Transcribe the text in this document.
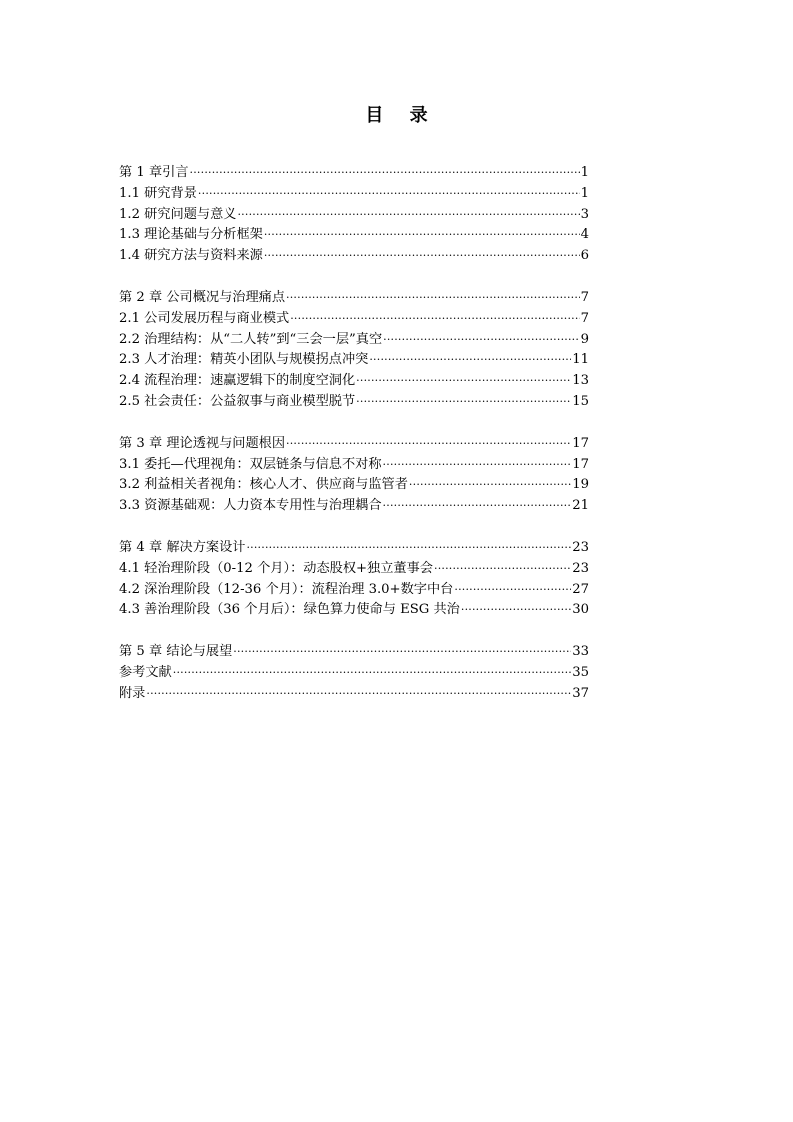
目 录
第 1 章引言 ·····	1
1.1 研究背景 ·····	1
1.2 研究问题与意义 ·····	3
1.3 理论基础与分析框架 ·····	4
1.4 研究方法与资料来源 ·····	6
第 2 章 公司概况与治理痛点 ·····	7
2.1 公司发展历程与商业模式 ·····	7
2.2 治理结构：从“二人转”到“三会一层”真空 ·····	9
2.3 人才治理：精英小团队与规模拐点冲突 ·····	11
2.4 流程治理：速赢逻辑下的制度空洞化 ·····	13
2.5 社会责任：公益叙事与商业模型脱节 ·····	15
第 3 章 理论透视与问题根因 ·····	17
3.1 委托—代理视角：双层链条与信息不对称 ·····	17
3.2 利益相关者视角：核心人才、供应商与监管者 ·····	19
3.3 资源基础观：人力资本专用性与治理耦合 ·····	21
第 4 章 解决方案设计 ·····	23
4.1 轻治理阶段（0-12 个月）：动态股权+独立董事会 ·····	23
4.2 深治理阶段（12-36 个月）：流程治理 3.0+数字中台 ·····	27
4.3 善治理阶段（36 个月后）：绿色算力使命与 ESG 共治 ·····	30
第 5 章 结论与展望 ·····	33
参考文献 ·····	35
附录 ·····	37
